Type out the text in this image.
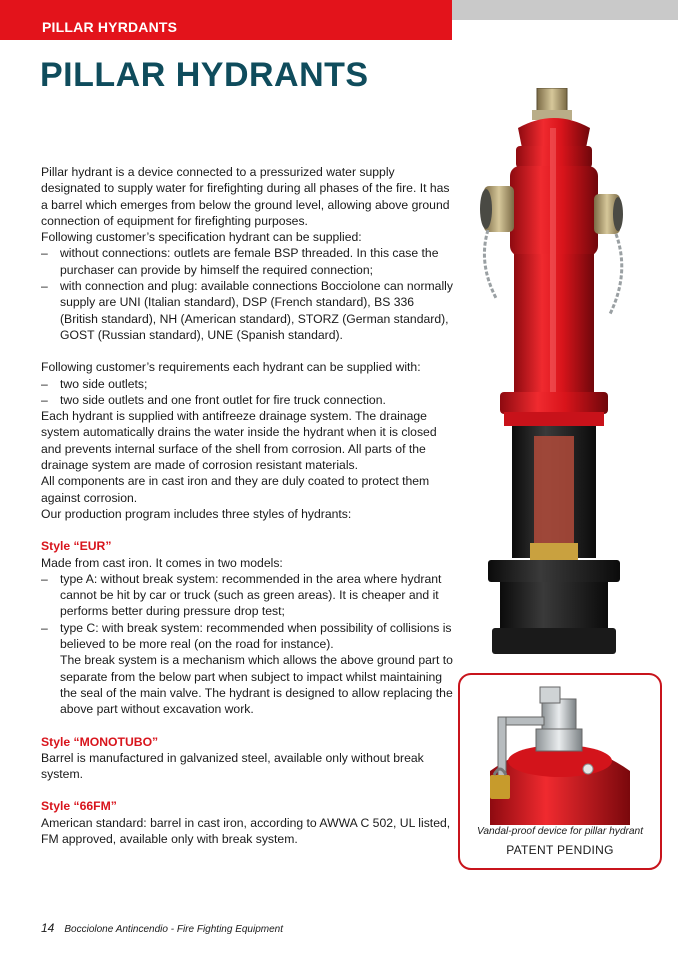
PILLAR HYRDANTS
PILLAR HYDRANTS

Pillar hydrant is a device connected to a pressurized water supply designated to supply water for firefighting during all phases of the fire. It has a barrel which emerges from below the ground level, allowing above ground connection of equipment for firefighting purposes.

Following customer’s specification hydrant can be supplied:

– without connections: outlets are female BSP threaded. In this case the purchaser can provide by himself the required connection;
– with connection and plug: available connections Bocciolone can normally supply are UNI (Italian standard), DSP (French standard), BS 336 (British standard), NH (American standard), STORZ (German standard), GOST (Russian standard), UNE (Spanish standard).

Following customer’s requirements each hydrant can be supplied with:

– two side outlets;
– two side outlets and one front outlet for fire truck connection.

Each hydrant is supplied with antifreeze drainage system. The drainage system automatically drains the water inside the hydrant when it is closed and prevents internal surface of the shell from corrosion. All parts of the drainage system are made of corrosion resistant materials.

All components are in cast iron and they are duly coated to protect them against corrosion.

Our production program includes three styles of hydrants:

Style “EUR”

Made from cast iron. It comes in two models:

– type A: without break system: recommended in the area where hydrant cannot be hit by car or truck (such as green areas). It is cheaper and it performs better during pressure drop test;
– type C: with break system: recommended when possibility of collisions is believed to be more real (on the road for instance).
The break system is a mechanism which allows the above ground part to separate from the below part when subject to impact whilst maintaining the seal of the main valve. The hydrant is designed to allow replacing the above part without excavation work.

Style “MONOTUBO”

Barrel is manufactured in galvanized steel, available only without break system.

Style “66FM”

American standard: barrel in cast iron, according to AWWA C 502, UL listed, FM approved, available only with break system.

Vandal-proof device for pillar hydrant
PATENT PENDING
14 Bocciolone Antincendio - Fire Fighting Equipment
